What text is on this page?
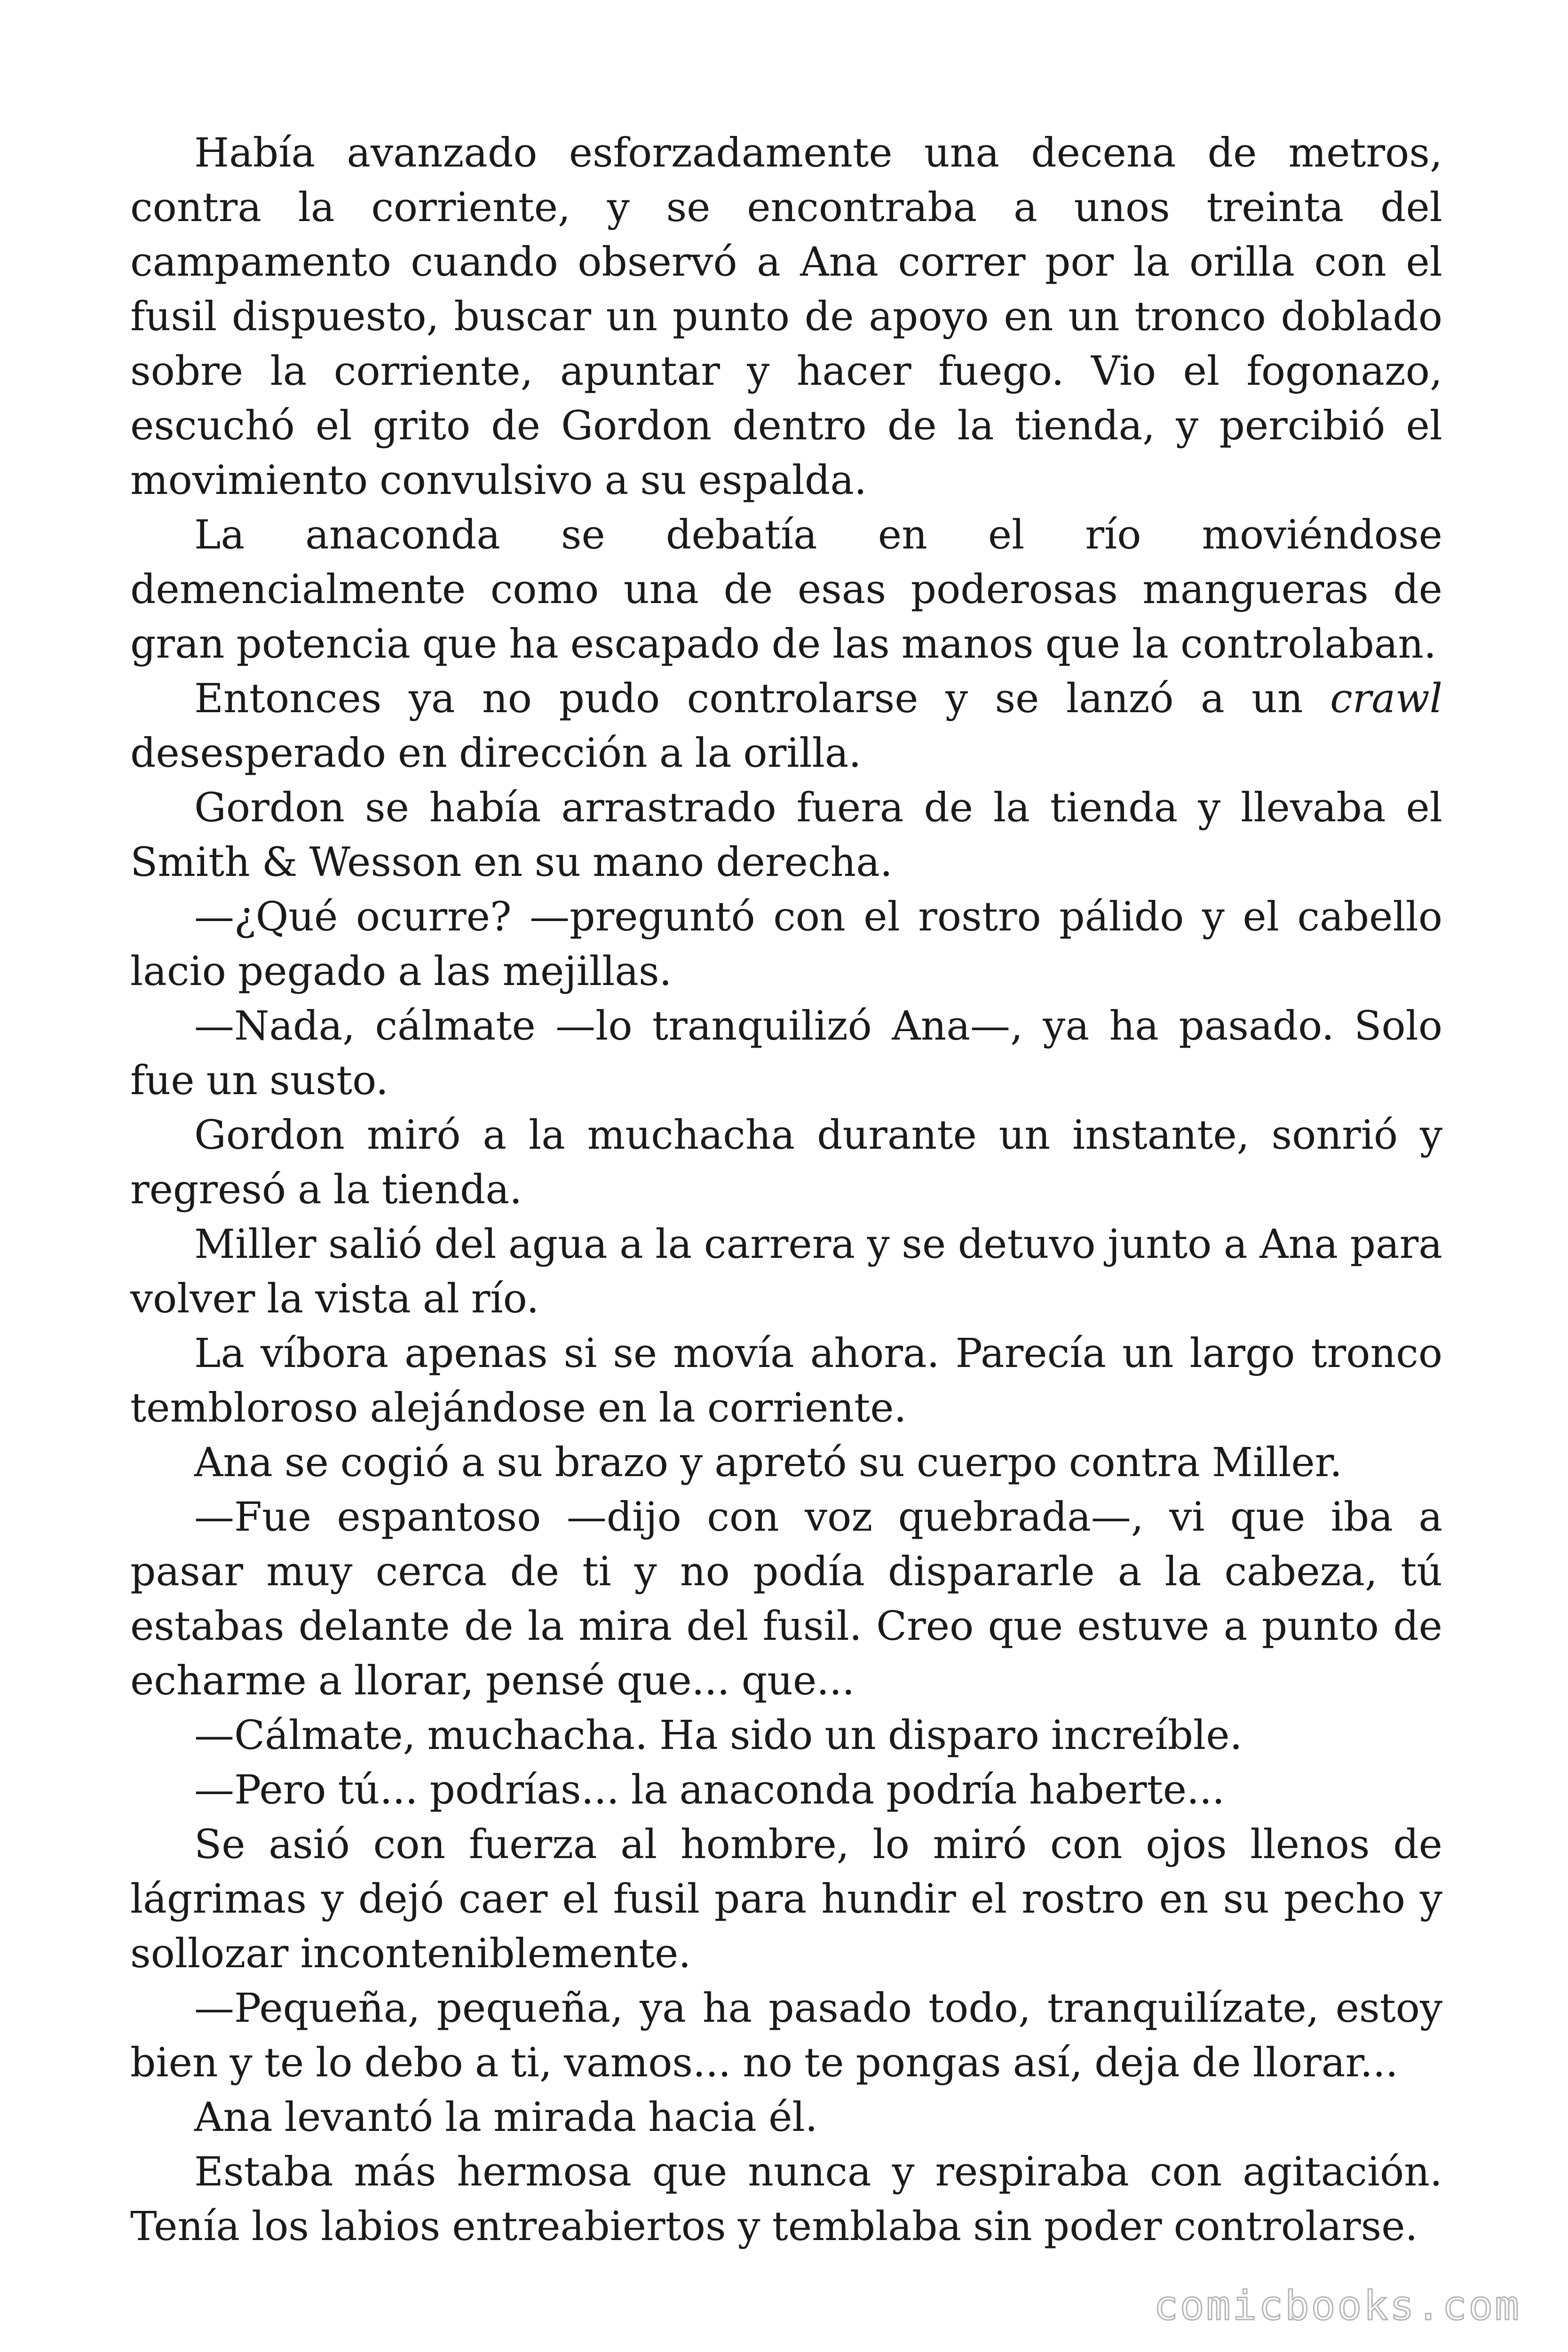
Había avanzado esforzadamente una decena de metros, contra la corriente, y se encontraba a unos treinta del campamento cuando observó a Ana correr por la orilla con el fusil dispuesto, buscar un punto de apoyo en un tronco doblado sobre la corriente, apuntar y hacer fuego. Vio el fogonazo, escuchó el grito de Gordon dentro de la tienda, y percibió el movimiento convulsivo a su espalda.

La anaconda se debatía en el río moviéndose demencialmente como una de esas poderosas mangueras de gran potencia que ha escapado de las manos que la controlaban.

Entonces ya no pudo controlarse y se lanzó a un crawl desesperado en dirección a la orilla.

Gordon se había arrastrado fuera de la tienda y llevaba el Smith & Wesson en su mano derecha.

—¿Qué ocurre? —preguntó con el rostro pálido y el cabello lacio pegado a las mejillas.

—Nada, cálmate —lo tranquilizó Ana—, ya ha pasado. Solo fue un susto.

Gordon miró a la muchacha durante un instante, sonrió y regresó a la tienda.

Miller salió del agua a la carrera y se detuvo junto a Ana para volver la vista al río.

La víbora apenas si se movía ahora. Parecía un largo tronco tembloroso alejándose en la corriente.

Ana se cogió a su brazo y apretó su cuerpo contra Miller.

—Fue espantoso —dijo con voz quebrada—, vi que iba a pasar muy cerca de ti y no podía dispararle a la cabeza, tú estabas delante de la mira del fusil. Creo que estuve a punto de echarme a llorar, pensé que... que...

—Cálmate, muchacha. Ha sido un disparo increíble.

—Pero tú... podrías... la anaconda podría haberte...

Se asió con fuerza al hombre, lo miró con ojos llenos de lágrimas y dejó caer el fusil para hundir el rostro en su pecho y sollozar inconteniblemente.

—Pequeña, pequeña, ya ha pasado todo, tranquilízate, estoy bien y te lo debo a ti, vamos... no te pongas así, deja de llorar...

Ana levantó la mirada hacia él.

Estaba más hermosa que nunca y respiraba con agitación. Tenía los labios entreabiertos y temblaba sin poder controlarse.

comicbooks.com
